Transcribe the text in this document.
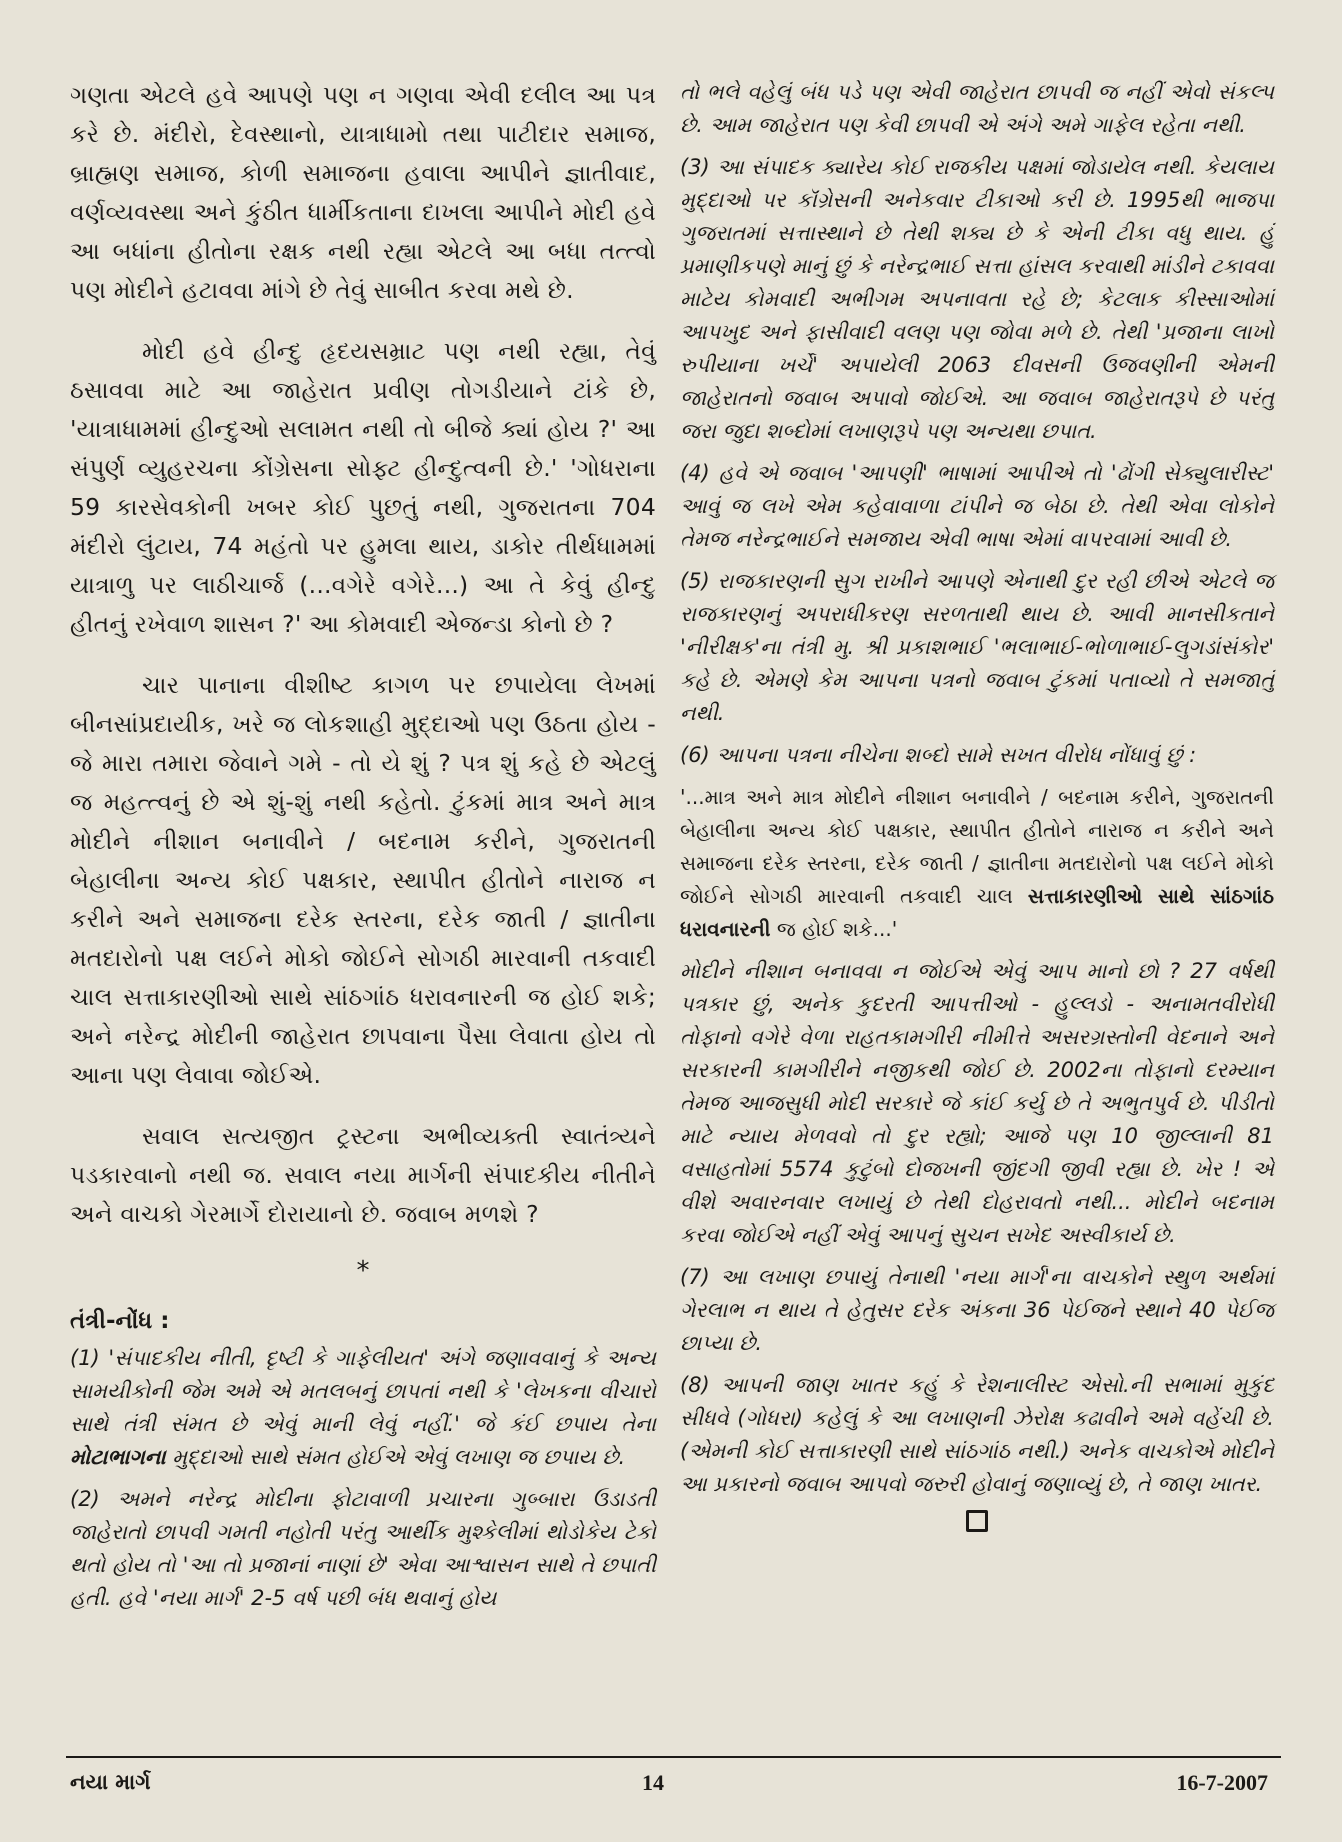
ગણતા એટલે હવે આપણે પણ ન ગણવા એવી દલીલ આ પત્ર કરે છે. મંદીરો, દેવસ્થાનો, યાત્રાધામો તથા પાટીદાર સમાજ, બ્રાહ્મણ સમાજ, કોળી સમાજના હવાલા આપીને જ્ઞાતીવાદ, વર્ણવ્યવસ્થા અને કુંઠીત ધાર્મીકતાના દાખલા આપીને મોદી હવે આ બધાંના હીતોના રક્ષક નથી રહ્યા એટલે આ બધા તત્ત્વો પણ મોદીને હટાવવા માંગે છે તેવું સાબીત કરવા મથે છે.

મોદી હવે હીન્દુ હૃદયસમ્રાટ પણ નથી રહ્યા, તેવું ઠસાવવા માટે આ જાહેરાત પ્રવીણ તોગડીયાને ટાંકે છે, 'યાત્રાધામમાં હીન્દુઓ સલામત નથી તો બીજે ક્યાં હોય ?' આ સંપુર્ણ વ્યુહરચના કોંગ્રેસના સોફ્ટ હીન્દુત્વની છે.' 'ગોધરાના 59 કારસેવકોની ખબર કોઈ પુછતું નથી, ગુજરાતના 704 મંદીરો લુંટાય, 74 મહંતો પર હુમલા થાય, ડાકોર તીર્થધામમાં યાત્રાળુ પર લાઠીચાર્જ (...વગેરે વગેરે...) આ તે કેવું હીન્દુ હીતનું રખેવાળ શાસન ?' આ કોમવાદી એજન્ડા કોનો છે ?

ચાર પાનાના વીશીષ્ટ કાગળ પર છપાયેલા લેખમાં બીનસાંપ્રદાયીક, ખરે જ લોકશાહી મુદ્દાઓ પણ ઉઠતા હોય - જે મારા તમારા જેવાને ગમે - તો યે શું ? પત્ર શું કહે છે એટલું જ મહત્ત્વનું છે એ શું-શું નથી કહેતો. ટુંકમાં માત્ર અને માત્ર મોદીને નીશાન બનાવીને / બદનામ કરીને, ગુજરાતની બેહાલીના અન્ય કોઈ પક્ષકાર, સ્થાપીત હીતોને નારાજ ન કરીને અને સમાજના દરેક સ્તરના, દરેક જાતી / જ્ઞાતીના મતદારોનો પક્ષ લઈને મોકો જોઈને સોગઠી મારવાની તકવાદી ચાલ સત્તાકારણીઓ સાથે સાંઠગાંઠ ધરાવનારની જ હોઈ શકે; અને નરેન્દ્ર મોદીની જાહેરાત છાપવાના પૈસા લેવાતા હોય તો આના પણ લેવાવા જોઈએ.

સવાલ સત્યજીત ટ્રસ્ટના અભીવ્યક્તી સ્વાતંત્ર્યને પડકારવાનો નથી જ. સવાલ નયા માર્ગની સંપાદકીય નીતીને અને વાચકો ગેરમાર્ગે દોરાયાનો છે. જવાબ મળશે ?

*
તંત્રી-નોંધ :

(1) 'સંપાદકીય નીતી, દૃષ્ટી કે ગાફેલીયત' અંગે જણાવવાનું કે અન્ય સામયીકોની જેમ અમે એ મતલબનું છાપતાં નથી કે 'લેખકના વીચારો સાથે તંત્રી સંમત છે એવું માની લેવું નહીં.' જે કંઈ છપાય તેના મોટાભાગના મુદ્દાઓ સાથે સંમત હોઈએ એવું લખાણ જ છપાય છે.

(2) અમને નરેન્દ્ર મોદીના ફોટાવાળી પ્રચારના ગુબ્બારા ઉડાડતી જાહેરાતો છાપવી ગમતી નહોતી પરંતુ આર્થીક મુશ્કેલીમાં થોડોકેય ટેકો થતો હોય તો 'આ તો પ્રજાનાં નાણાં છે' એવા આશ્વાસન સાથે તે છપાતી હતી. હવે 'નયા માર્ગ' 2-5 વર્ષ પછી બંધ થવાનું હોય

તો ભલે વહેલું બંધ પડે પણ એવી જાહેરાત છાપવી જ નહીં એવો સંકલ્પ છે. આમ જાહેરાત પણ કેવી છાપવી એ અંગે અમે ગાફેલ રહેતા નથી.

(3) આ સંપાદક ક્યારેય કોઈ રાજકીય પક્ષમાં જોડાયેલ નથી. કેયલાય મુદ્દાઓ પર કૉંગ્રેસની અનેકવાર ટીકાઓ કરી છે. 1995થી ભાજપા ગુજરાતમાં સત્તાસ્થાને છે તેથી શક્ય છે કે એની ટીકા વધુ થાય. હું પ્રમાણીકપણે માનું છું કે નરેન્દ્રભાઈ સત્તા હાંસલ કરવાથી માંડીને ટકાવવા માટેય કોમવાદી અભીગમ અપનાવતા રહે છે; કેટલાક કીસ્સાઓમાં આપખુદ અને ફાસીવાદી વલણ પણ જોવા મળે છે. તેથી 'પ્રજાના લાખો રુપીયાના ખર્ચે' અપાયેલી 2063 દીવસની ઉજવણીની એમની જાહેરાતનો જવાબ અપાવો જોઈએ. આ જવાબ જાહેરાતરૂપે છે પરંતુ જરા જુદા શબ્દોમાં લખાણરૂપે પણ અન્યથા છપાત.

(4) હવે એ જવાબ 'આપણી' ભાષામાં આપીએ તો 'ઢોંગી સેક્યુલારીસ્ટ' આવું જ લખે એમ કહેવાવાળા ટાંપીને જ બેઠા છે. તેથી એવા લોકોને તેમજ નરેન્દ્રભાઈને સમજાય એવી ભાષા એમાં વાપરવામાં આવી છે.

(5) રાજકારણની સુગ રાખીને આપણે એનાથી દુર રહી છીએ એટલે જ રાજકારણનું અપરાધીકરણ સરળતાથી થાય છે. આવી માનસીકતાને 'નીરીક્ષક'ના તંત્રી મુ. શ્રી પ્રકાશભાઈ 'ભલાભાઈ-ભોળાભાઈ-લુગડાંસંકોર' કહે છે. એમણે કેમ આપના પત્રનો જવાબ ટુંકમાં પતાવ્યો તે સમજાતું નથી.

(6) આપના પત્રના નીચેના શબ્દો સામે સખત વીરોધ નોંધાવું છું :

'...માત્ર અને માત્ર મોદીને નીશાન બનાવીને / બદનામ કરીને, ગુજરાતની બેહાલીના અન્ય કોઈ પક્ષકાર, સ્થાપીત હીતોને નારાજ ન કરીને અને સમાજના દરેક સ્તરના, દરેક જાતી / જ્ઞાતીના મતદારોનો પક્ષ લઈને મોકો જોઈને સોગઠી મારવાની તકવાદી ચાલ સત્તાકારણીઓ સાથે સાંઠગાંઠ ધરાવનારની જ હોઈ શકે...'

મોદીને નીશાન બનાવવા ન જોઈએ એવું આપ માનો છો ? 27 વર્ષથી પત્રકાર છું, અનેક કુદરતી આપત્તીઓ - હુલ્લડો - અનામતવીરોધી તોફાનો વગેરે વેળા રાહતકામગીરી નીમીત્તે અસરગ્રસ્તોની વેદનાને અને સરકારની કામગીરીને નજીકથી જોઈ છે. 2002ના તોફાનો દરમ્યાન તેમજ આજસુધી મોદી સરકારે જે કાંઈ કર્યુ છે તે અભુતપુર્વ છે. પીડીતો માટે ન્યાય મેળવવો તો દુર રહ્યો; આજે પણ 10 જીલ્લાની 81 વસાહતોમાં 5574 કુટુંબો દોજખની જીંદગી જીવી રહ્યા છે. ખેર ! એ વીશે અવારનવાર લખાયું છે તેથી દોહરાવતો નથી... મોદીને બદનામ કરવા જોઈએ નહીં એવું આપનું સુચન સખેદ અસ્વીકાર્ય છે.

(7) આ લખાણ છપાયું તેનાથી 'નયા માર્ગ'ના વાચકોને સ્થુળ અર્થમાં ગેરલાભ ન થાય તે હેતુસર દરેક અંકના 36 પેઈજને સ્થાને 40 પેઈજ છાપ્યા છે.

(8) આપની જાણ ખાતર કહું કે રેશનાલીસ્ટ એસો.ની સભામાં મુકુંદ સીધવે (ગોધરા) કહેલું કે આ લખાણની ઝેરોક્ષ કઢાવીને અમે વહેંચી છે. (એમની કોઈ સત્તાકારણી સાથે સાંઠગાંઠ નથી.) અનેક વાચકોએ મોદીને આ પ્રકારનો જવાબ આપવો જરુરી હોવાનું જણાવ્યું છે, તે જાણ ખાતર.

નયા માર્ગ	14	16-7-2007
